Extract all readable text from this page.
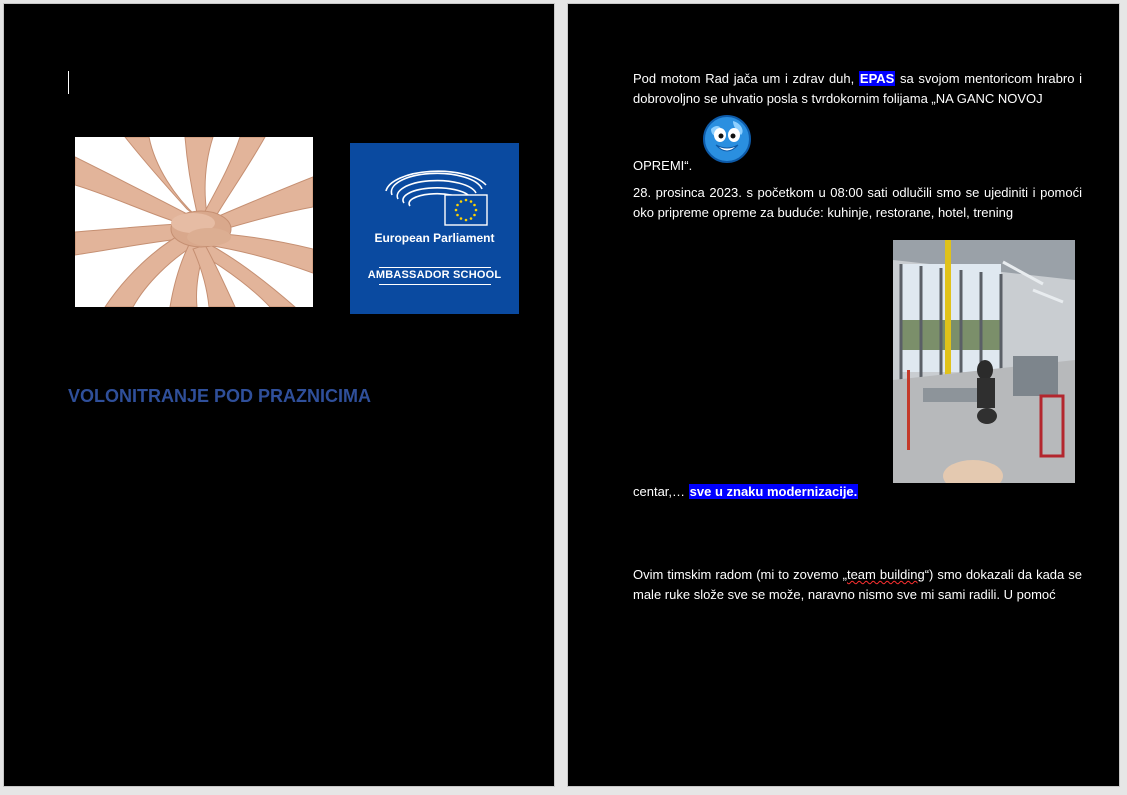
European Parliament
AMBASSADOR SCHOOL
VOLONITRANJE POD PRAZNICIMA
Pod motom Rad jača um i zdrav duh, EPAS sa svojom mentoricom hrabro i dobrovoljno se uhvatio posla s tvrdokornim folijama „NA GANC NOVOJ
OPREMI“.
28. prosinca 2023. s početkom u 08:00 sati odlučili smo se ujediniti i pomoći oko pripreme opreme za buduće: kuhinje, restorane, hotel, trening
centar,… sve u znaku modernizacije.
Ovim timskim radom (mi to zovemo „team building“) smo dokazali da kada se male ruke slože sve se može, naravno nismo sve mi sami radili. U pomoć
